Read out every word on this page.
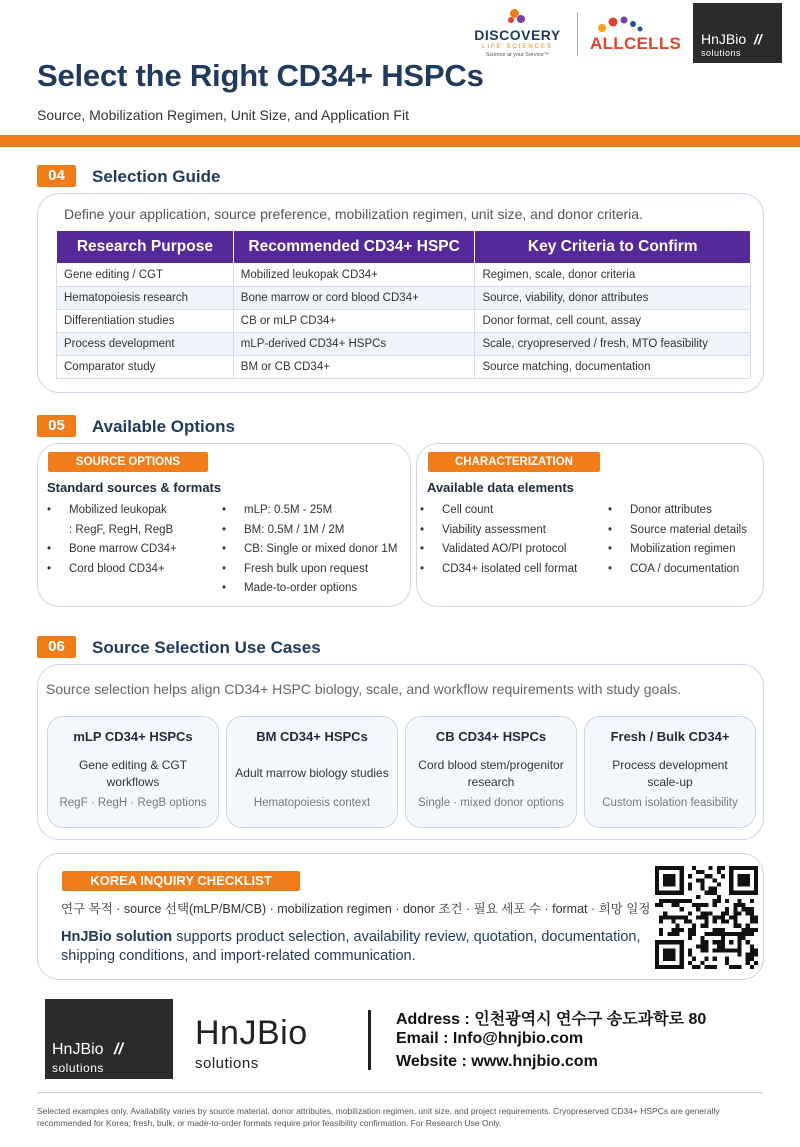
DISCOVERY
LIFE SCIENCES
Science at your Service™
ALLCELLS HnJBio //
solutions
Select the Right CD34+ HSPCs
Source, Mobilization Regimen, Unit Size, and Application Fit
04	Selection Guide
Define your application, source preference, mobilization regimen, unit size, and donor criteria.
Research Purpose	Recommended CD34+ HSPC	Key Criteria to Confirm
Gene editing / CGT	Mobilized leukopak CD34+	Regimen, scale, donor criteria
Hematopoiesis research	Bone marrow or cord blood CD34+	Source, viability, donor attributes
Differentiation studies	CB or mLP CD34+	Donor format, cell count, assay
Process development	mLP-derived CD34+ HSPCs	Scale, cryopreserved / fresh, MTO feasibility
Comparator study	BM or CB CD34+	Source matching, documentation
05	Available Options
SOURCE OPTIONS
Standard sources & formats
• Mobilized leukopak
: RegF, RegH, RegB
• Bone marrow CD34+
• Cord blood CD34+
• mLP: 0.5M - 25M
• BM: 0.5M / 1M / 2M
• CB: Single or mixed donor 1M
• Fresh bulk upon request
• Made-to-order options
CHARACTERIZATION
Available data elements
• Cell count
• Viability assessment
• Validated AO/PI protocol
• CD34+ isolated cell format
• Donor attributes
• Source material details
• Mobilization regimen
• COA / documentation
06	Source Selection Use Cases
Source selection helps align CD34+ HSPC biology, scale, and workflow requirements with study goals.
mLP CD34+ HSPCs
Gene editing & CGT workflows
RegF · RegH · RegB options
BM CD34+ HSPCs
Adult marrow biology studies
Hematopoiesis context
CB CD34+ HSPCs
Cord blood stem/progenitor research
Single · mixed donor options
Fresh / Bulk CD34+
Process development scale-up
Custom isolation feasibility
KOREA INQUIRY CHECKLIST
연구 목적 · source 선택(mLP/BM/CB) · mobilization regimen · donor 조건 · 필요 세포 수 · format · 희망 일정
HnJBio solution supports product selection, availability review, quotation, documentation, shipping conditions, and import-related communication.
HnJBio //
solutions
HnJBio
solutions
Address : 인천광역시 연수구 송도과학로 80
Email : Info@hnjbio.com
Website : www.hnjbio.com
Selected examples only. Availability varies by source material, donor attributes, mobilization regimen, unit size, and project requirements. Cryopreserved CD34+ HSPCs are generally recommended for Korea; fresh, bulk, or made-to-order formats require prior feasibility confirmation. For Research Use Only.
